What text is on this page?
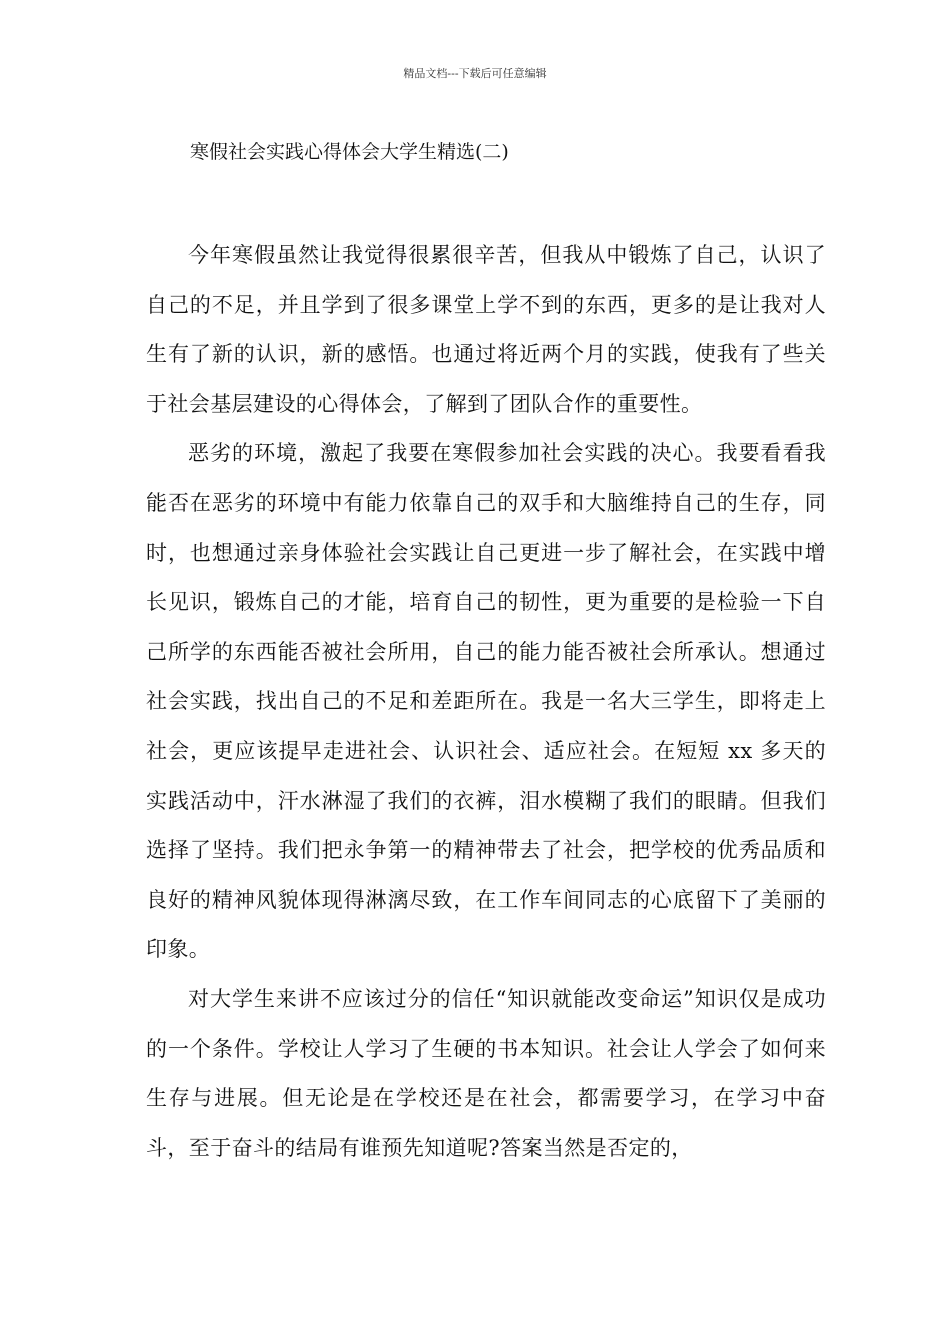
精品文档---下载后可任意编辑
寒假社会实践心得体会大学生精选(二)

今年寒假虽然让我觉得很累很辛苦，但我从中锻炼了自己，认识了自己的不足，并且学到了很多课堂上学不到的东西，更多的是让我对人生有了新的认识，新的感悟。也通过将近两个月的实践，使我有了些关于社会基层建设的心得体会，了解到了团队合作的重要性。

恶劣的环境，激起了我要在寒假参加社会实践的决心。我要看看我能否在恶劣的环境中有能力依靠自己的双手和大脑维持自己的生存，同时，也想通过亲身体验社会实践让自己更进一步了解社会，在实践中增长见识，锻炼自己的才能，培育自己的韧性，更为重要的是检验一下自己所学的东西能否被社会所用，自己的能力能否被社会所承认。想通过社会实践，找出自己的不足和差距所在。我是一名大三学生，即将走上社会，更应该提早走进社会、认识社会、适应社会。在短短 xx 多天的实践活动中，汗水淋湿了我们的衣裤，泪水模糊了我们的眼睛。但我们选择了坚持。我们把永争第一的精神带去了社会，把学校的优秀品质和良好的精神风貌体现得淋漓尽致，在工作车间同志的心底留下了美丽的印象。

对大学生来讲不应该过分的信任“知识就能改变命运”知识仅是成功的一个条件。学校让人学习了生硬的书本知识。社会让人学会了如何来生存与进展。但无论是在学校还是在社会，都需要学习，在学习中奋斗，至于奋斗的结局有谁预先知道呢?答案当然是否定的，
